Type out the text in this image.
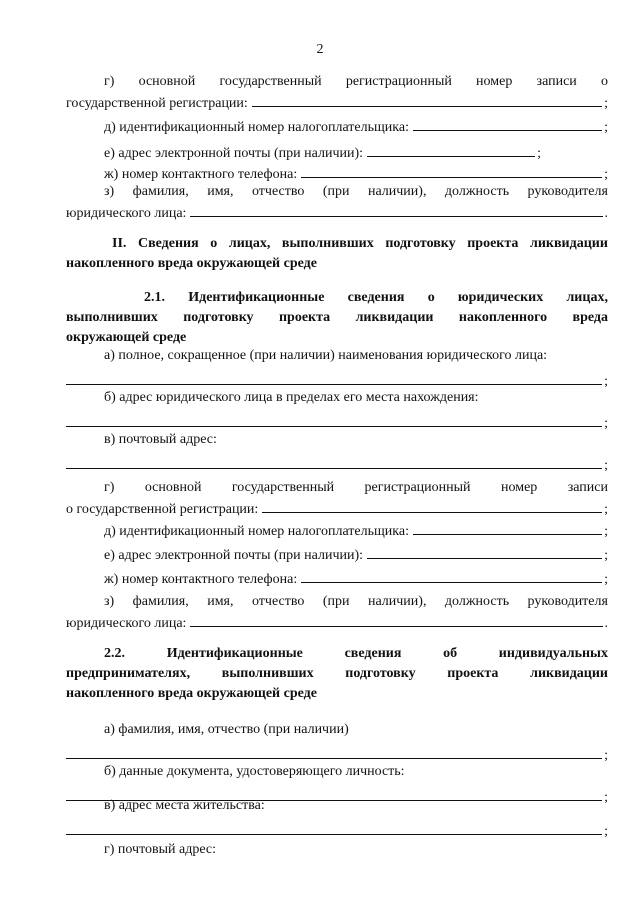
2
г) основной государственный регистрационный номер записи о
государственной регистрации:	;
д) идентификационный номер налогоплательщика:	;
е) адрес электронной почты (при наличии):	;
ж) номер контактного телефона:	;
з) фамилия, имя, отчество (при наличии), должность руководителя
юридического лица:	.
II. Сведения о лицах, выполнивших подготовку проекта ликвидации
накопленного вреда окружающей среде
2.1. Идентификационные сведения о юридических лицах,
выполнивших подготовку проекта ликвидации накопленного вреда
окружающей среде
а) полное, сокращенное (при наличии) наименования юридического лица:
;
б) адрес юридического лица в пределах его места нахождения:
;
в) почтовый адрес:
;
г) основной государственный регистрационный номер записи
о государственной регистрации:	;
д) идентификационный номер налогоплательщика:	;
е) адрес электронной почты (при наличии):	;
ж) номер контактного телефона:	;
з) фамилия, имя, отчество (при наличии), должность руководителя
юридического лица:	.
2.2.	Идентификационные	сведения	об	индивидуальных
предпринимателях, выполнивших подготовку проекта ликвидации
накопленного вреда окружающей среде
а) фамилия, имя, отчество (при наличии)
;
б) данные документа, удостоверяющего личность:
;
в) адрес места жительства:
;
г) почтовый адрес:
